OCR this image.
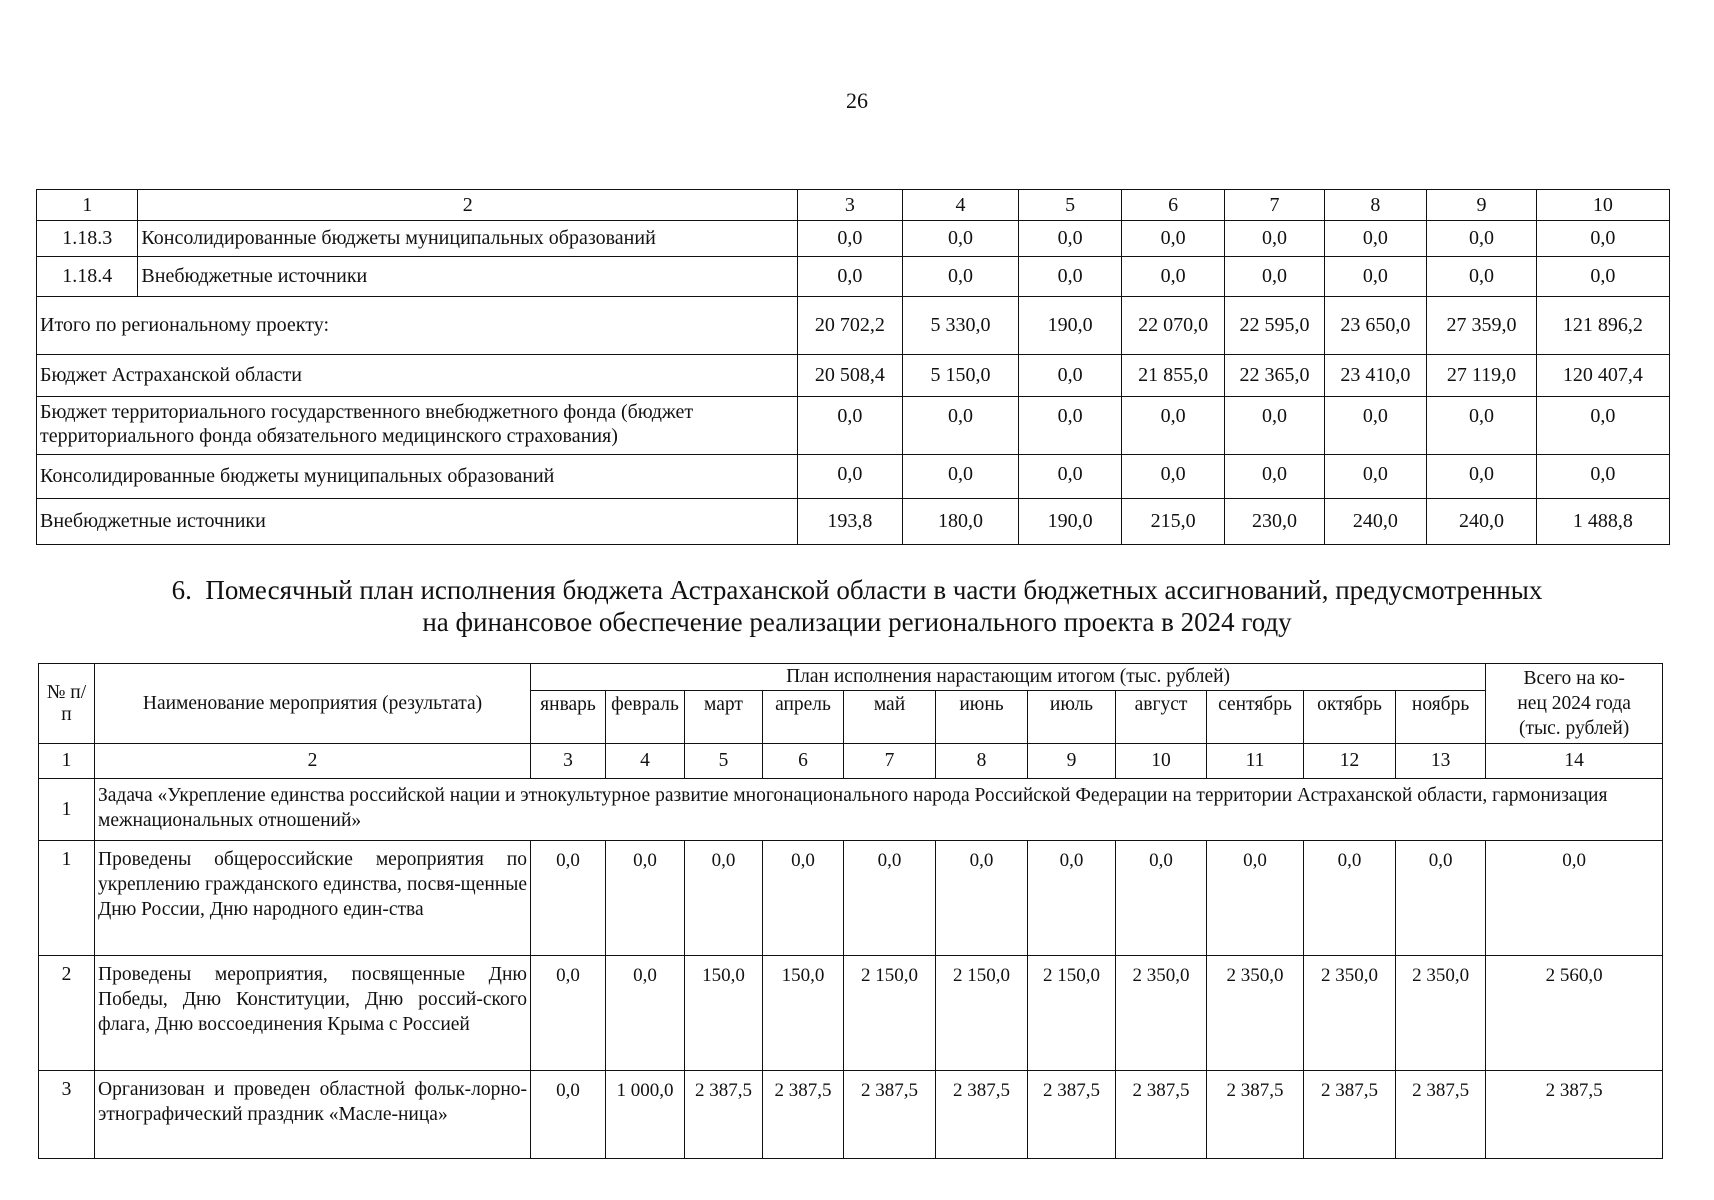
26
1	2	3	4	5	6	7	8	9	10
1.18.3	Консолидированные бюджеты муниципальных образований	0,0	0,0	0,0	0,0	0,0	0,0	0,0	0,0
1.18.4	Внебюджетные источники	0,0	0,0	0,0	0,0	0,0	0,0	0,0	0,0
Итого по региональному проекту:		20 702,2	5 330,0	190,0	22 070,0	22 595,0	23 650,0	27 359,0	121 896,2
Бюджет Астраханской области		20 508,4	5 150,0	0,0	21 855,0	22 365,0	23 410,0	27 119,0	120 407,4
Бюджет территориального государственного внебюджетного фонда (бюджет территориального фонда обязательного медицинского страхования)		0,0	0,0	0,0	0,0	0,0	0,0	0,0	0,0
Консолидированные бюджеты муниципальных образований		0,0	0,0	0,0	0,0	0,0	0,0	0,0	0,0
Внебюджетные источники		193,8	180,0	190,0	215,0	230,0	240,0	240,0	1 488,8
6. Помесячный план исполнения бюджета Астраханской области в части бюджетных ассигнований, предусмотренных
на финансовое обеспечение реализации регионального проекта в 2024 году
№ п/п	Наименование мероприятия (результата)	План исполнения нарастающим итогом (тыс. рублей)											Всего на ко-
нец 2024 года
(тыс. рублей)

		январь	февраль	март	апрель	май	июнь	июль	август	сентябрь	октябрь	ноябрь	
1	2	3	4	5	6	7	8	9	10	11	12	13	14
1	Задача «Укрепление единства российской нации и этнокультурное развитие многонационального народа Российской Федерации на территории Астраханской области, гармонизация межнациональных отношений»												
1	Проведены общероссийские мероприятия по укреплению гражданского единства, посвя-щенные Дню России, Дню народного един-ства	0,0	0,0	0,0	0,0	0,0	0,0	0,0	0,0	0,0	0,0	0,0	0,0
2	Проведены мероприятия, посвященные Дню Победы, Дню Конституции, Дню россий-ского флага, Дню воссоединения Крыма с Россией	0,0	0,0	150,0	150,0	2 150,0	2 150,0	2 150,0	2 350,0	2 350,0	2 350,0	2 350,0	2 560,0
3	Организован и проведен областной фольк-лорно-этнографический праздник «Масле-ница»	0,0	1 000,0	2 387,5	2 387,5	2 387,5	2 387,5	2 387,5	2 387,5	2 387,5	2 387,5	2 387,5	2 387,5
